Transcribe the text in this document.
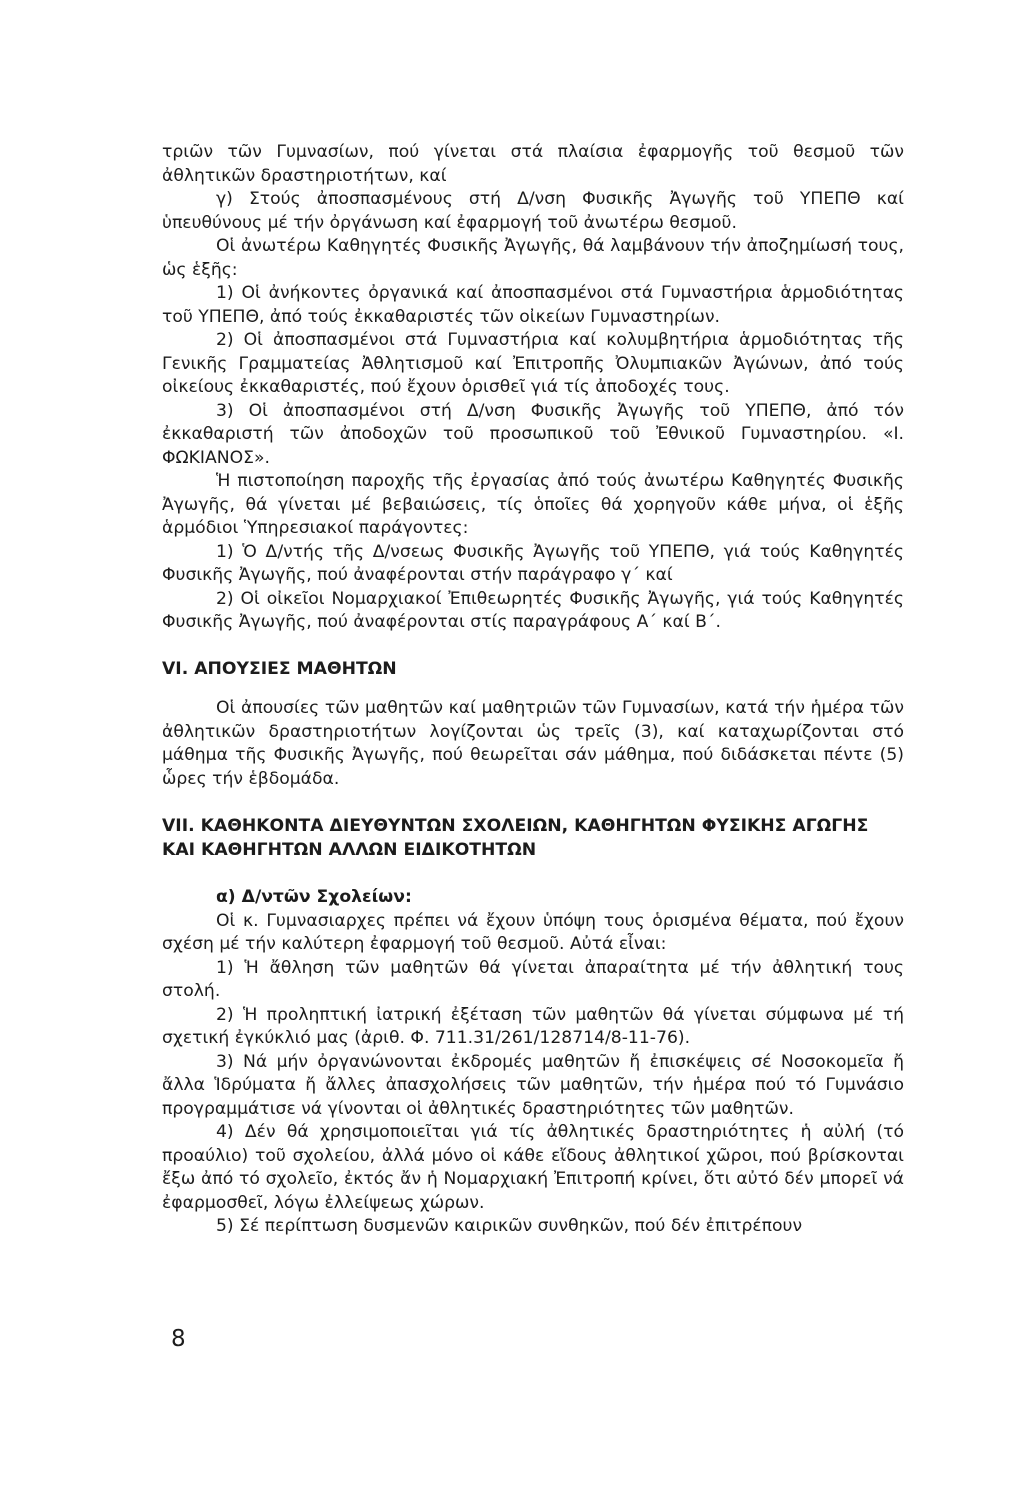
τριῶν τῶν Γυμνασίων, πού γίνεται στά πλαίσια ἐφαρμογῆς τοῦ θεσμοῦ τῶν ἀθλητικῶν δραστηριοτήτων, καί

γ) Στούς ἀποσπασμένους στή Δ/νση Φυσικῆς Ἀγωγῆς τοῦ ΥΠΕΠΘ καί ὑπευθύνους μέ τήν ὀργάνωση καί ἐφαρμογή τοῦ ἀνωτέρω θεσμοῦ.

Οἱ ἀνωτέρω Καθηγητές Φυσικῆς Ἀγωγῆς, θά λαμβάνουν τήν ἀποζημίωσή τους, ὡς ἑξῆς:

1) Οἱ ἀνήκοντες ὀργανικά καί ἀποσπασμένοι στά Γυμναστήρια ἁρμοδιότητας τοῦ ΥΠΕΠΘ, ἀπό τούς ἐκκαθαριστές τῶν οἰκείων Γυμναστηρίων.

2) Οἱ ἀποσπασμένοι στά Γυμναστήρια καί κολυμβητήρια ἁρμοδιότητας τῆς Γενικῆς Γραμματείας Ἀθλητισμοῦ καί Ἐπιτροπῆς Ὀλυμπιακῶν Ἀγώνων, ἀπό τούς οἰκείους ἐκκαθαριστές, πού ἔχουν ὁρισθεῖ γιά τίς ἀποδοχές τους.

3) Οἱ ἀποσπασμένοι στή Δ/νση Φυσικῆς Ἀγωγῆς τοῦ ΥΠΕΠΘ, ἀπό τόν ἐκκαθαριστή τῶν ἀποδοχῶν τοῦ προσωπικοῦ τοῦ Ἐθνικοῦ Γυμναστηρίου. «Ι. ΦΩΚΙΑΝΟΣ».

Ἡ πιστοποίηση παροχῆς τῆς ἐργασίας ἀπό τούς ἀνωτέρω Καθηγητές Φυσικῆς Ἀγωγῆς, θά γίνεται μέ βεβαιώσεις, τίς ὁποῖες θά χορηγοῦν κάθε μήνα, οἱ ἑξῆς ἁρμόδιοι Ὑπηρεσιακοί παράγοντες:

1) Ὁ Δ/ντής τῆς Δ/νσεως Φυσικῆς Ἀγωγῆς τοῦ ΥΠΕΠΘ, γιά τούς Καθηγητές Φυσικῆς Ἀγωγῆς, πού ἀναφέρονται στήν παράγραφο γ΄ καί

2) Οἱ οἰκεῖοι Νομαρχιακοί Ἐπιθεωρητές Φυσικῆς Ἀγωγῆς, γιά τούς Καθηγητές Φυσικῆς Ἀγωγῆς, πού ἀναφέρονται στίς παραγράφους Α΄ καί Β΄.

VI. ΑΠΟΥΣΙΕΣ ΜΑΘΗΤΩΝ

Οἱ ἀπουσίες τῶν μαθητῶν καί μαθητριῶν τῶν Γυμνασίων, κατά τήν ἡμέρα τῶν ἀθλητικῶν δραστηριοτήτων λογίζονται ὡς τρεῖς (3), καί καταχωρίζονται στό μάθημα τῆς Φυσικῆς Ἀγωγῆς, πού θεωρεῖται σάν μάθημα, πού διδάσκεται πέντε (5) ὧρες τήν ἑβδομάδα.

VII. ΚΑΘΗΚΟΝΤΑ ΔΙΕΥΘΥΝΤΩΝ ΣΧΟΛΕΙΩΝ, ΚΑΘΗΓΗΤΩΝ ΦΥΣΙΚΗΣ ΑΓΩΓΗΣ ΚΑΙ ΚΑΘΗΓΗΤΩΝ ΑΛΛΩΝ ΕΙΔΙΚΟΤΗΤΩΝ

α) Δ/ντῶν Σχολείων:

Οἱ κ. Γυμνασιαρχες πρέπει νά ἔχουν ὑπόψη τους ὁρισμένα θέματα, πού ἔχουν σχέση μέ τήν καλύτερη ἐφαρμογή τοῦ θεσμοῦ. Αὐτά εἶναι:

1) Ἡ ἄθληση τῶν μαθητῶν θά γίνεται ἀπαραίτητα μέ τήν ἀθλητική τους στολή.

2) Ἡ προληπτική ἰατρική ἐξέταση τῶν μαθητῶν θά γίνεται σύμφωνα μέ τή σχετική ἐγκύκλιό μας (ἀριθ. Φ. 711.31/261/128714/8-11-76).

3) Νά μήν ὀργανώνονται ἐκδρομές μαθητῶν ἤ ἐπισκέψεις σέ Νοσοκομεῖα ἤ ἄλλα Ἱδρύματα ἤ ἄλλες ἀπασχολήσεις τῶν μαθητῶν, τήν ἡμέρα πού τό Γυμνάσιο προγραμμάτισε νά γίνονται οἱ ἀθλητικές δραστηριότητες τῶν μαθητῶν.

4) Δέν θά χρησιμοποιεῖται γιά τίς ἀθλητικές δραστηριότητες ἡ αὐλή (τό προαύλιο) τοῦ σχολείου, ἀλλά μόνο οἱ κάθε εἴδους ἀθλητικοί χῶροι, πού βρίσκονται ἔξω ἀπό τό σχολεῖο, ἐκτός ἄν ἡ Νομαρχιακή Ἐπιτροπή κρίνει, ὅτι αὐτό δέν μπορεῖ νά ἐφαρμοσθεῖ, λόγω ἐλλείψεως χώρων.

5) Σέ περίπτωση δυσμενῶν καιρικῶν συνθηκῶν, πού δέν ἐπιτρέπουν

8
